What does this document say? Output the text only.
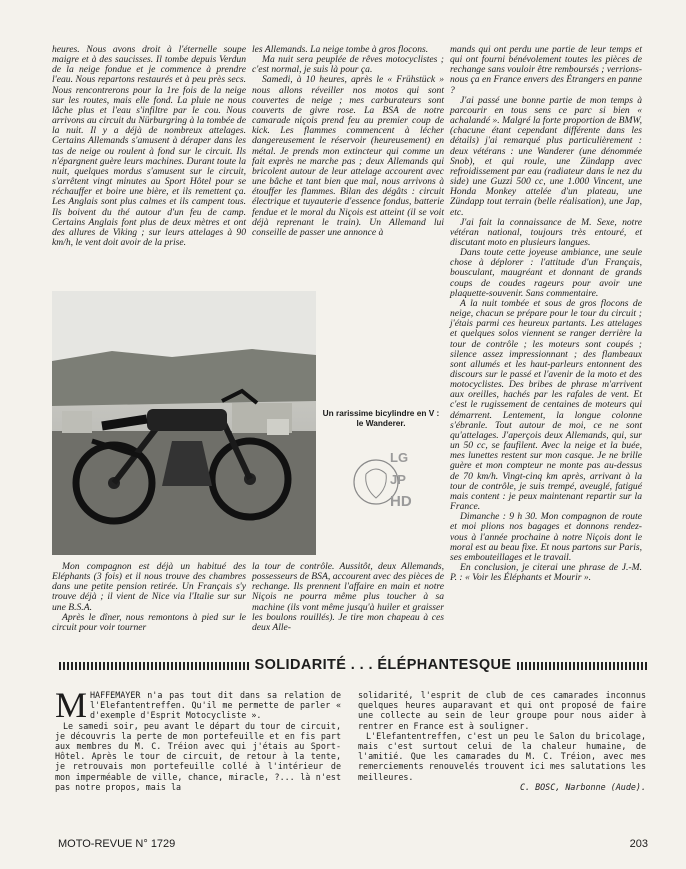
heures. Nous avons droit à l'éternelle soupe maigre et à des saucisses. Il tombe depuis Verdun de la neige fondue et je commence à prendre l'eau. Nous repartons restaurés et à peu près secs. Nous rencontrerons pour la 1re fois de la neige sur les routes, mais elle fond. La pluie ne nous lâche plus et l'eau s'infiltre par le cou. Nous arrivons au circuit du Nürburgring à la tombée de la nuit. Il y a déjà de nombreux attelages. Certains Allemands s'amusent à déraper dans les tas de neige ou roulent à fond sur le circuit. Ils n'épargnent guère leurs machines. Durant toute la nuit, quelques mordus s'amusent sur le circuit, s'arrêtent vingt minutes au Sport Hôtel pour se réchauffer et boire une bière, et ils remettent ça. Les Anglais sont plus calmes et ils campent tous. Ils boivent du thé autour d'un feu de camp. Certains Anglais font plus de deux mètres et ont des allures de Viking ; sur leurs attelages à 90 km/h, le vent doit avoir de la prise.

les Allemands. La neige tombe à gros flocons.

Ma nuit sera peuplée de rêves motocyclistes ; c'est normal, je suis là pour ça.

Samedi, à 10 heures, après le « Frühstück » nous allons réveiller nos motos qui sont couvertes de neige ; mes carburateurs sont couverts de givre rose. La BSA de notre camarade niçois prend feu au premier coup de kick. Les flammes commencent à lécher dangereusement le réservoir (heureusement) en métal. Je prends mon extincteur qui comme un fait exprès ne marche pas ; deux Allemands qui bricolent autour de leur attelage accourent avec une bâche et tant bien que mal, nous arrivons à étouffer les flammes. Bilan des dégâts : circuit électrique et tuyauterie d'essence fondus, batterie fendue et le moral du Niçois est atteint (il se voit déjà reprenant le train). Un Allemand lui conseille de passer une annonce à

mands qui ont perdu une partie de leur temps et qui ont fourni bénévolement toutes les pièces de rechange sans vouloir être remboursés ; verrions-nous ça en France envers des Étrangers en panne ?

J'ai passé une bonne partie de mon temps à parcourir en tous sens ce parc si bien « achalandé ». Malgré la forte proportion de BMW, (chacune étant cependant différente dans les détails) j'ai remarqué plus particulièrement : deux vétérans : une Wanderer (une dénommée Snob), et qui roule, une Zündapp avec refroidissement par eau (radiateur dans le nez du side) une Guzzi 500 cc, une 1.000 Vincent, une Honda Monkey attelée d'un plateau, une Zündapp tout terrain (belle réalisation), une Jap, etc.

J'ai fait la connaissance de M. Sexe, notre vétéran national, toujours très entouré, et discutant moto en plusieurs langues.

Dans toute cette joyeuse ambiance, une seule chose à déplorer : l'attitude d'un Français, bousculant, maugréant et donnant de grands coups de coudes rageurs pour avoir une plaquette-souvenir. Sans commentaire.

A la nuit tombée et sous de gros flocons de neige, chacun se prépare pour le tour du circuit ; j'étais parmi ces heureux partants. Les attelages et quelques solos viennent se ranger derrière la tour de contrôle ; les moteurs sont coupés ; silence assez impressionnant ; des flambeaux sont allumés et les haut-parleurs entonnent des discours sur le passé et l'avenir de la moto et des motocyclistes. Des bribes de phrase m'arrivent aux oreilles, hachés par les rafales de vent. Et c'est le rugissement de centaines de moteurs qui démarrent. Lentement, la longue colonne s'ébranle. Tout autour de moi, ce ne sont qu'attelages. J'aperçois deux Allemands, qui, sur un 50 cc, se faufilent. Avec la neige et la buée, mes lunettes restent sur mon casque. Je ne brille guère et mon compteur ne monte pas au-dessus de 70 km/h. Vingt-cinq km après, arrivant à la tour de contrôle, je suis trempé, aveuglé, fatigué mais content : je peux maintenant repartir sur la France.

Dimanche : 9 h 30. Mon compagnon de route et moi plions nos bagages et donnons rendez-vous à l'année prochaine à notre Niçois dont le moral est au beau fixe. Et nous partons sur Paris, ses embouteillages et le travail.

En conclusion, je citerai une phrase de J.-M. P. : « Voir les Éléphants et Mourir ».

Un rarissime bicylindre en V : le Wanderer.
LG
JP
HD

Mon compagnon est déjà un habitué des Eléphants (3 fois) et il nous trouve des chambres dans une petite pension retirée. Un Français s'y trouve déjà ; il vient de Nice via l'Italie sur sur une B.S.A.

Après le dîner, nous remontons à pied sur le circuit pour voir tourner

la tour de contrôle. Aussitôt, deux Allemands, possesseurs de BSA, accourent avec des pièces de rechange. Ils prennent l'affaire en main et notre Niçois ne pourra même plus toucher à sa machine (ils vont même jusqu'à huiler et graisser les boulons rouillés). Je tire mon chapeau à ces deux Alle-

SOLIDARITÉ . . . ÉLÉPHANTESQUE

MHAFFEMAYER n'a pas tout dit dans sa relation de l'Elefantentreffen. Qu'il me permette de parler « d'exemple d'Esprit Motocycliste ».

Le samedi soir, peu avant le départ du tour de circuit, je découvris la perte de mon portefeuille et en fis part aux membres du M. C. Tréion avec qui j'étais au Sport-Hôtel. Après le tour de circuit, de retour à la tente, je retrouvais mon portefeuille collé à l'intérieur de mon imperméable de ville, chance, miracle, ?... là n'est pas notre propos, mais la

solidarité, l'esprit de club de ces camarades inconnus quelques heures auparavant et qui ont proposé de faire une collecte au sein de leur groupe pour nous aider à rentrer en France est à souligner.

L'Elefantentreffen, c'est un peu le Salon du bricolage, mais c'est surtout celui de la chaleur humaine, de l'amitié. Que les camarades du M. C. Tréion, avec mes remerciements renouvelés trouvent ici mes salutations les meilleures.

C. BOSC, Narbonne (Aude).

MOTO-REVUE N° 1729	203
